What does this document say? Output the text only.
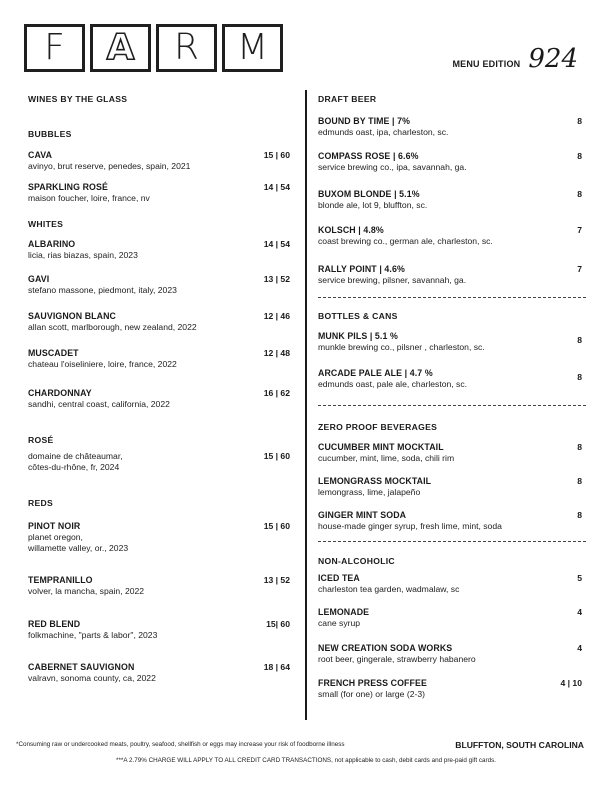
F A R M	MENU EDITION 924
WINES BY THE GLASS
BUBBLES
CAVA
avinyo, brut reserve, penedes, spain, 2021
15 | 60
SPARKLING ROSÉ
maison foucher, loire, france, nv
14 | 54
WHITES
ALBARINO
licia, rias biazas, spain, 2023
14 | 54
GAVI
stefano massone, piedmont, italy, 2023
13 | 52
SAUVIGNON BLANC
allan scott, marlborough, new zealand, 2022
12 | 46
MUSCADET
chateau l'oiseliniere, loire, france, 2022
12 | 48
CHARDONNAY
sandhi, central coast, california, 2022
16 | 62
ROSÉ
domaine de châteaumar,
côtes-du-rhône, fr, 2024
15 | 60
REDS
PINOT NOIR
planet oregon,
willamette valley, or., 2023
15 | 60
TEMPRANILLO
volver, la mancha, spain, 2022
13 | 52
RED BLEND
folkmachine, "parts & labor", 2023
15| 60
CABERNET SAUVIGNON
valravn, sonoma county, ca, 2022
18 | 64
DRAFT BEER
BOUND BY TIME | 7%
edmunds oast, ipa, charleston, sc.
8
COMPASS ROSE | 6.6%
service brewing co., ipa, savannah, ga.
8
BUXOM BLONDE | 5.1%
blonde ale, lot 9, bluffton, sc.
8
KOLSCH | 4.8%
coast brewing co., german ale, charleston, sc.
7
RALLY POINT | 4.6%
service brewing, pilsner, savannah, ga.
7
BOTTLES & CANS
MUNK PILS | 5.1 %
munkle brewing co., pilsner , charleston, sc.
8
ARCADE PALE ALE | 4.7 %
edmunds oast, pale ale, charleston, sc.
8
ZERO PROOF BEVERAGES
CUCUMBER MINT MOCKTAIL
cucumber, mint, lime, soda, chili rim
8
LEMONGRASS MOCKTAIL
lemongrass, lime, jalapeño
8
GINGER MINT SODA
house-made ginger syrup, fresh lime, mint, soda
8
NON-ALCOHOLIC
ICED TEA
charleston tea garden, wadmalaw, sc
5
LEMONADE
cane syrup
4
NEW CREATION SODA WORKS
root beer, gingerale, strawberry habanero
4
FRENCH PRESS COFFEE
small (for one) or large (2-3)
4 | 10
*Consuming raw or undercooked meats, poultry, seafood, shellfish or eggs may increase your risk of foodborne illness	BLUFFTON, SOUTH CAROLINA
***A 2.79% CHARGE WILL APPLY TO ALL CREDIT CARD TRANSACTIONS, not applicable to cash, debit cards and pre-paid gift cards.
